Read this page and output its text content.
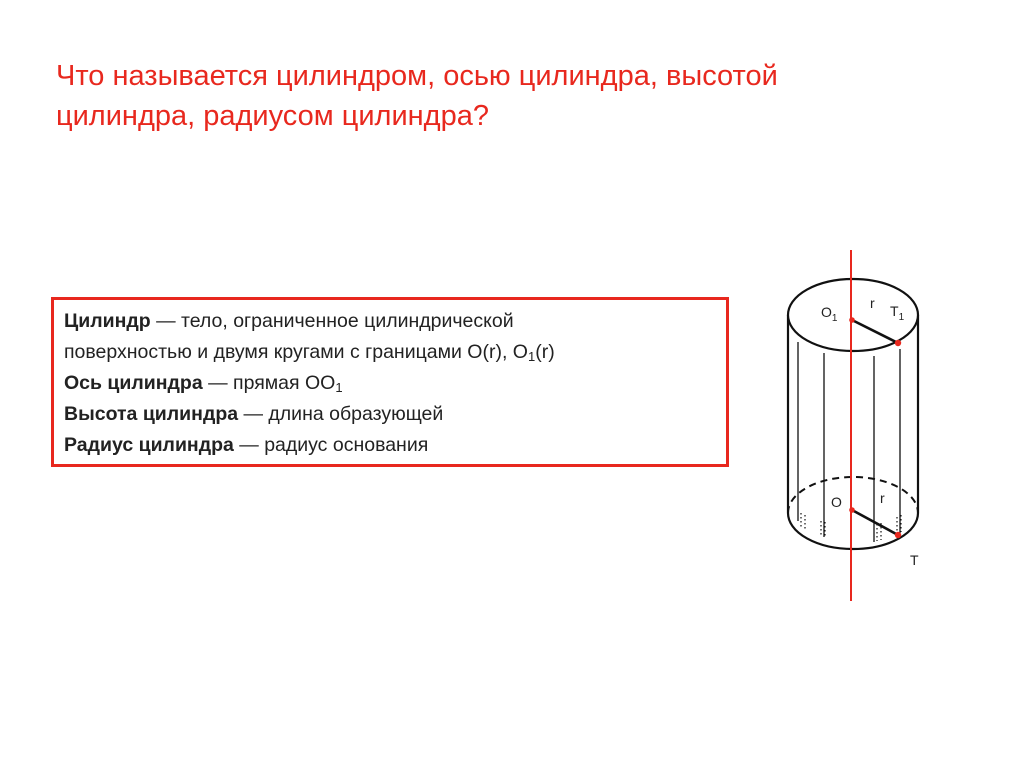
Что называется цилиндром, осью цилиндра, высотой
цилиндра, радиусом цилиндра?
Цилиндр — тело, ограниченное цилиндрической
поверхностью и двумя кругами с границами O(r), $O_1(r)$
Ось цилиндра — прямая $OO_1$
Высота цилиндра — длина образующей
Радиус цилиндра — радиус основания
$O_1$
r $T_1$
O	r
T
